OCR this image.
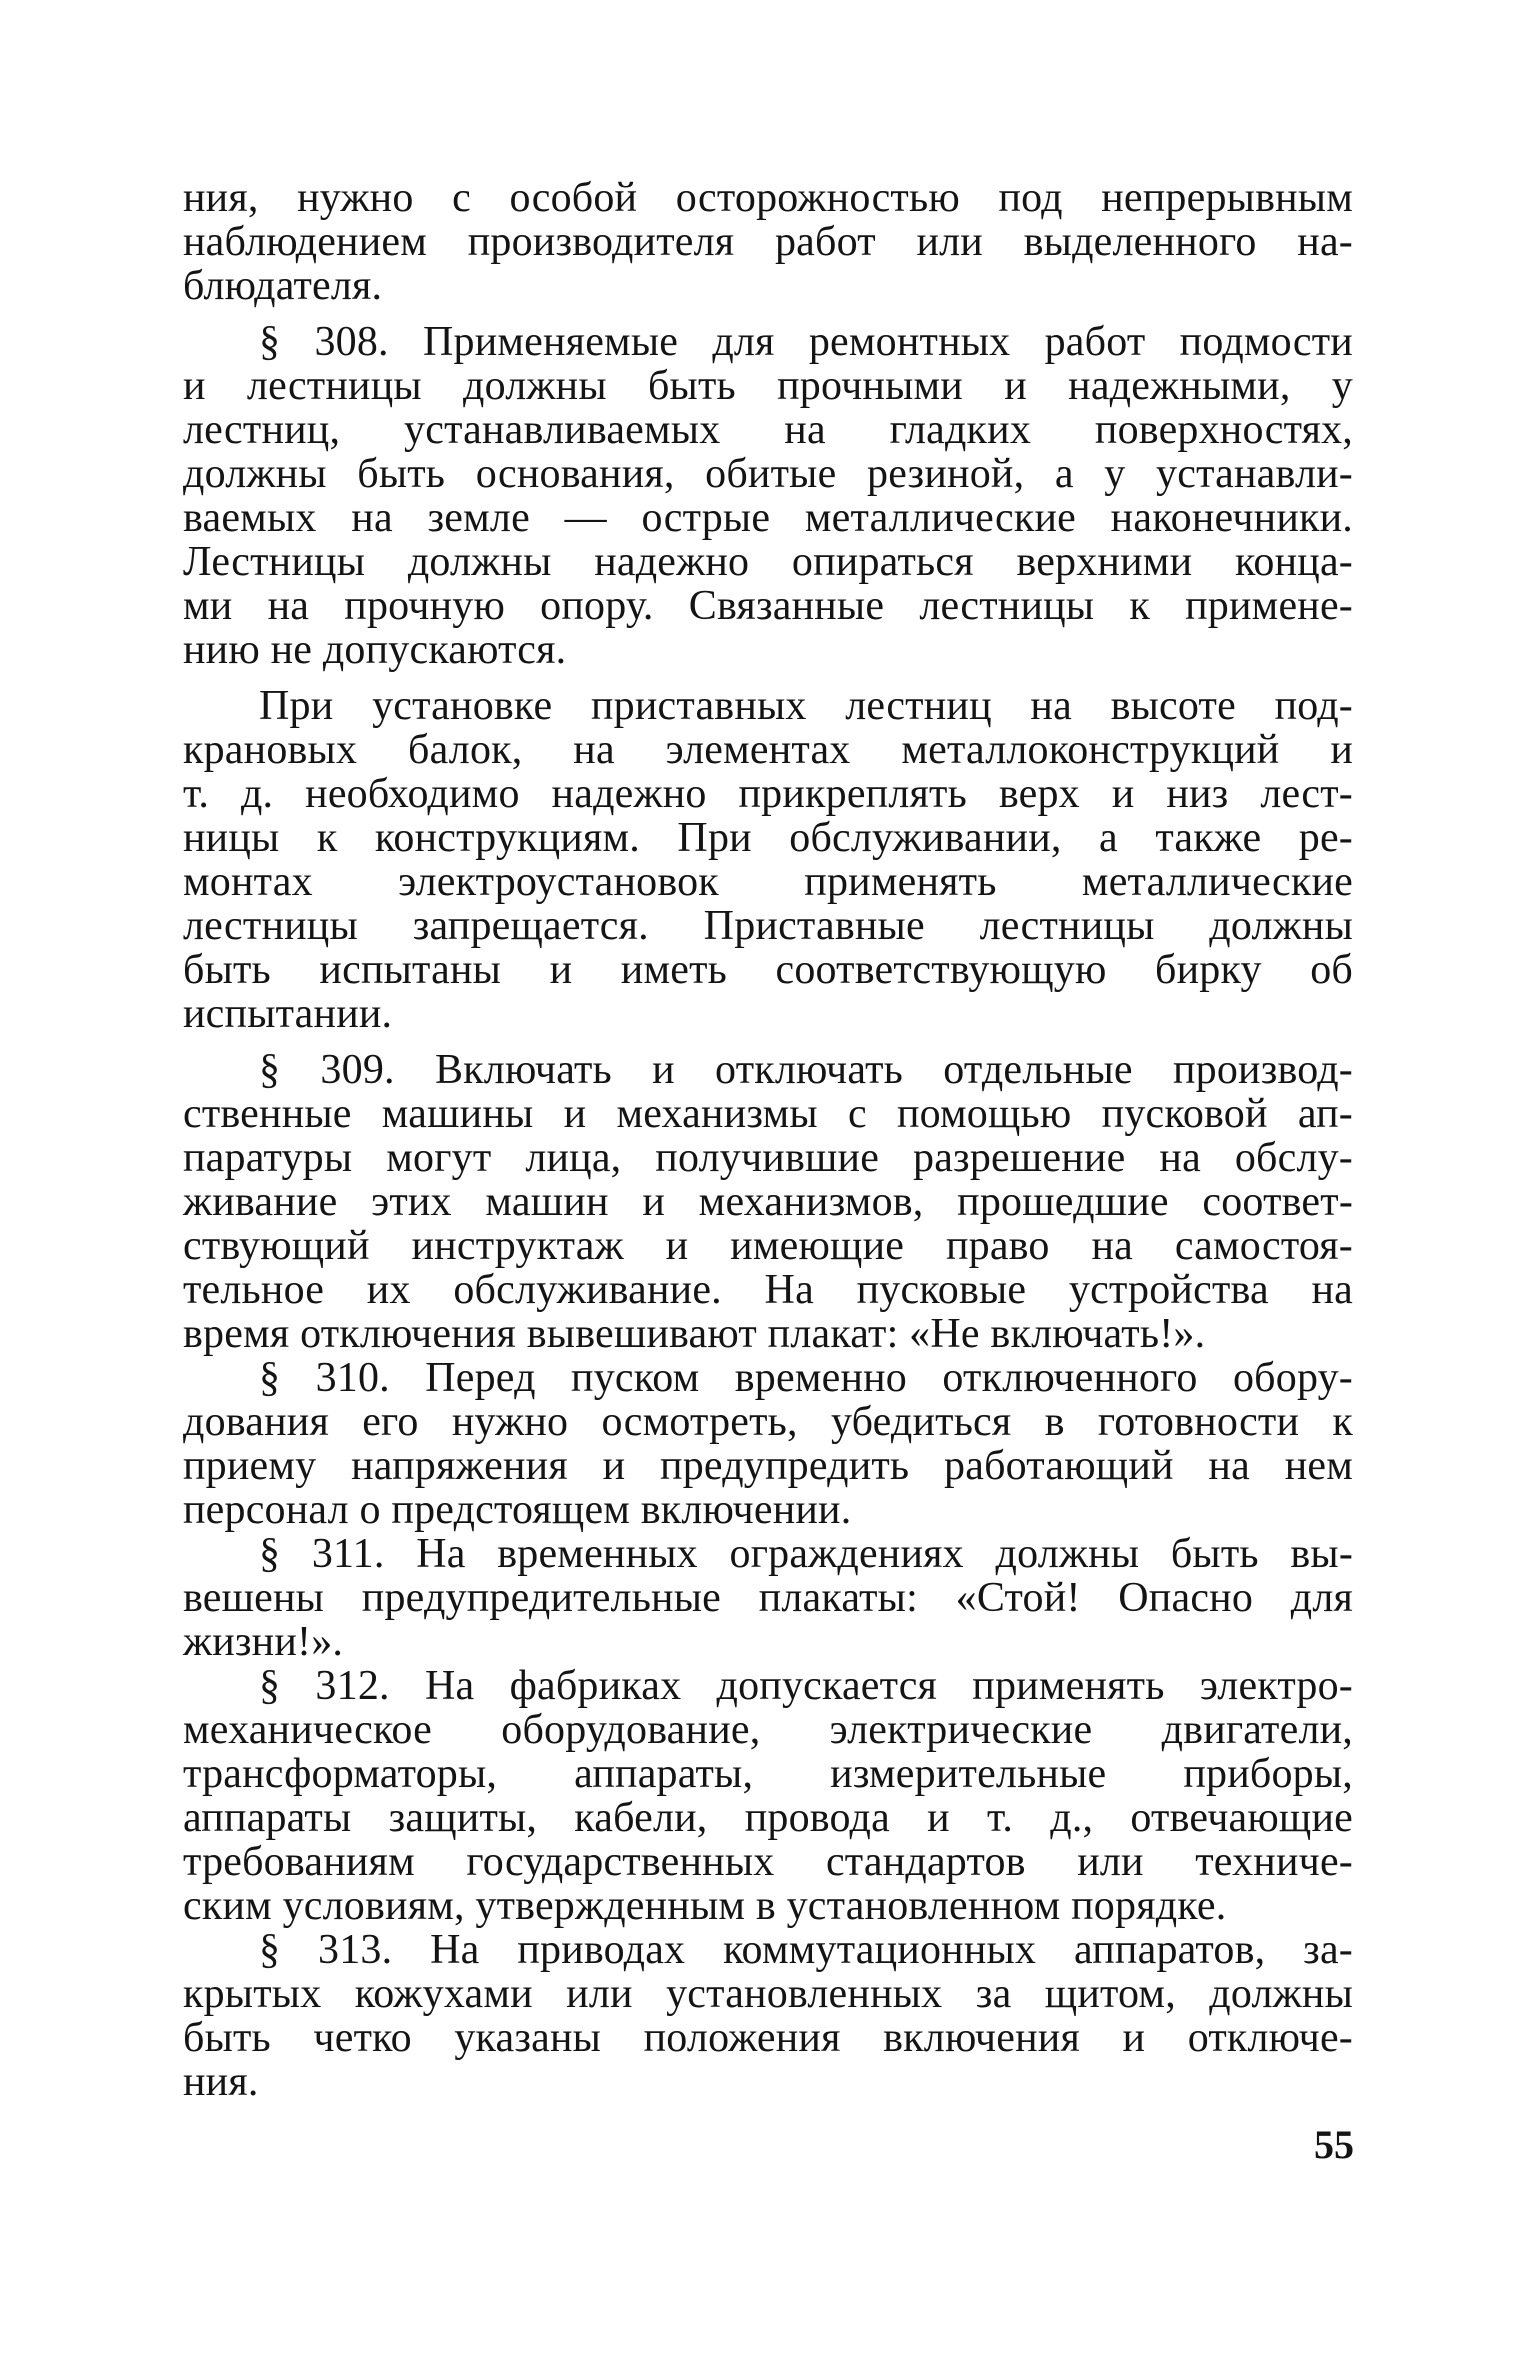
ния, нужно с особой осторожностью под непрерывным
наблюдением производителя работ или выделенного на-
блюдателя.
§ 308. Применяемые для ремонтных работ подмости
и лестницы должны быть прочными и надежными, у
лестниц, устанавливаемых на гладких поверхностях,
должны быть основания, обитые резиной, а у устанавли-
ваемых на земле — острые металлические наконечники.
Лестницы должны надежно опираться верхними конца-
ми на прочную опору. Связанные лестницы к примене-
нию не допускаются.
При установке приставных лестниц на высоте под-
крановых балок, на элементах металлоконструкций и
т. д. необходимо надежно прикреплять верх и низ лест-
ницы к конструкциям. При обслуживании, а также ре-
монтах электроустановок применять металлические
лестницы запрещается. Приставные лестницы должны
быть испытаны и иметь соответствующую бирку об
испытании.
§ 309. Включать и отключать отдельные производ-
ственные машины и механизмы с помощью пусковой ап-
паратуры могут лица, получившие разрешение на обслу-
живание этих машин и механизмов, прошедшие соответ-
ствующий инструктаж и имеющие право на самостоя-
тельное их обслуживание. На пусковые устройства на
время отключения вывешивают плакат: «Не включать!».
§ 310. Перед пуском временно отключенного обору-
дования его нужно осмотреть, убедиться в готовности к
приему напряжения и предупредить работающий на нем
персонал о предстоящем включении.
§ 311. На временных ограждениях должны быть вы-
вешены предупредительные плакаты: «Стой! Опасно для
жизни!».
§ 312. На фабриках допускается применять электро-
механическое оборудование, электрические двигатели,
трансформаторы, аппараты, измерительные приборы,
аппараты защиты, кабели, провода и т. д., отвечающие
требованиям государственных стандартов или техниче-
ским условиям, утвержденным в установленном порядке.
§ 313. На приводах коммутационных аппаратов, за-
крытых кожухами или установленных за щитом, должны
быть четко указаны положения включения и отключе-
ния.
55
